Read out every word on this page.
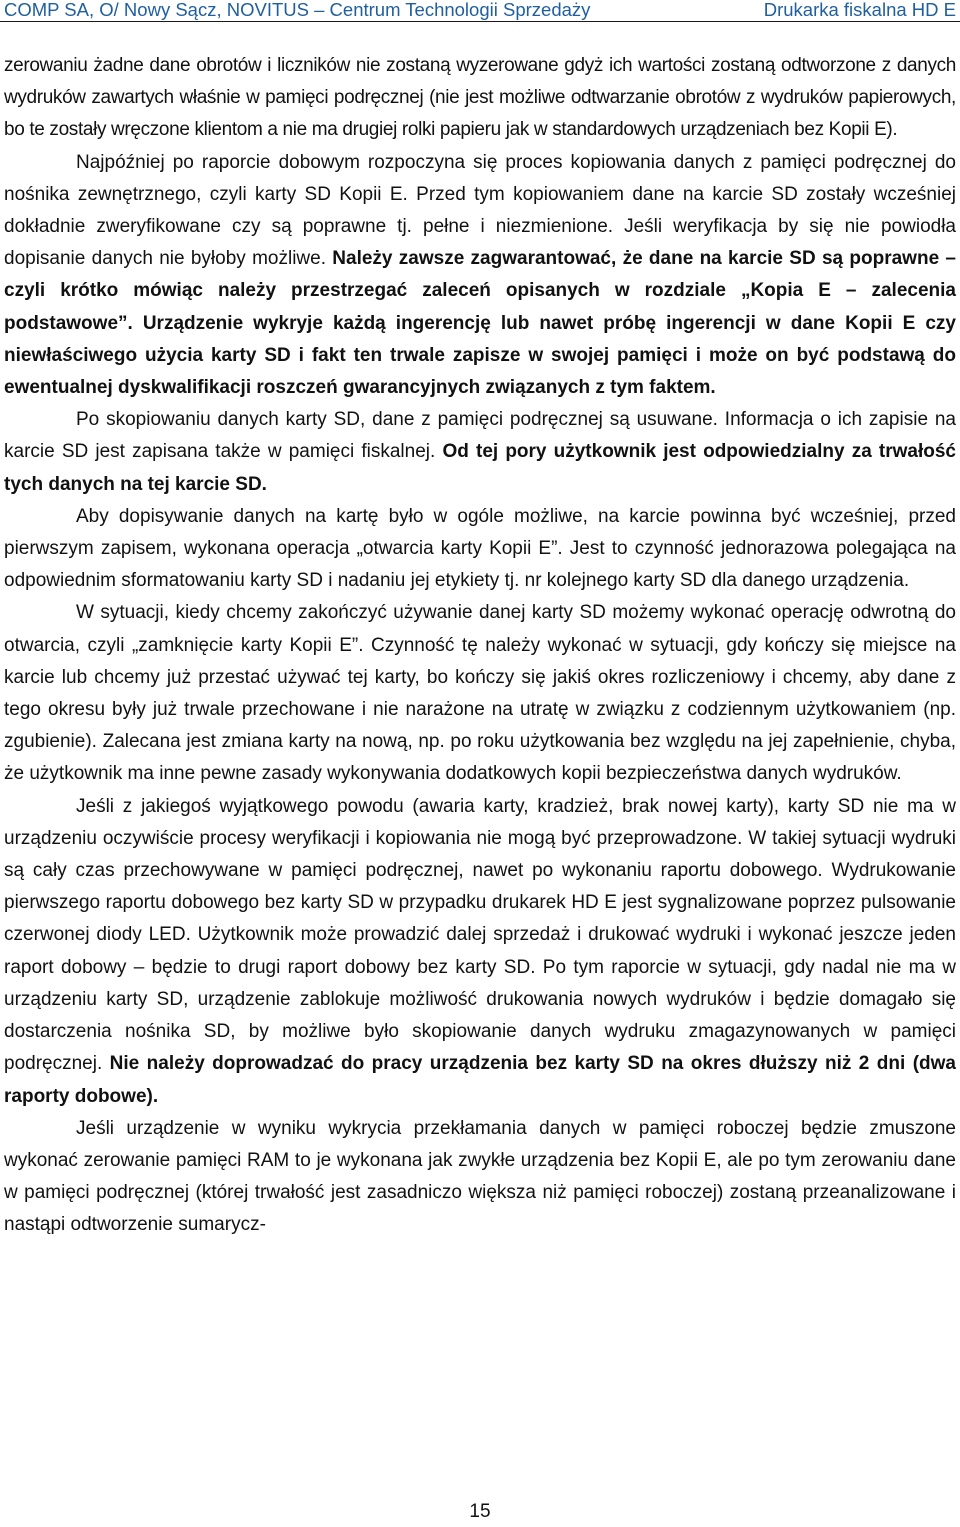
COMP SA, O/ Nowy Sącz, NOVITUS – Centrum Technologii Sprzedaży	Drukarka fiskalna HD E

zerowaniu żadne dane obrotów i liczników nie zostaną wyzerowane gdyż ich wartości zostaną odtworzone z danych wydruków zawartych właśnie w pamięci podręcznej (nie jest możliwe odtwarzanie obrotów z wydruków papierowych, bo te zostały wręczone klientom a nie ma drugiej rolki papieru jak w standardowych urządzeniach bez Kopii E).

Najpóźniej po raporcie dobowym rozpoczyna się proces kopiowania danych z pamięci podręcznej do nośnika zewnętrznego, czyli karty SD Kopii E. Przed tym kopiowaniem dane na karcie SD zostały wcześniej dokładnie zweryfikowane czy są poprawne tj. pełne i niezmienione. Jeśli weryfikacja by się nie powiodła dopisanie danych nie byłoby możliwe. Należy zawsze zagwarantować, że dane na karcie SD są poprawne – czyli krótko mówiąc należy przestrzegać zaleceń opisanych w rozdziale „Kopia E – zalecenia podstawowe”. Urządzenie wykryje każdą ingerencję lub nawet próbę ingerencji w dane Kopii E czy niewłaściwego użycia karty SD i fakt ten trwale zapisze w swojej pamięci i może on być podstawą do ewentualnej dyskwalifikacji roszczeń gwarancyjnych związanych z tym faktem.

Po skopiowaniu danych karty SD, dane z pamięci podręcznej są usuwane. Informacja o ich zapisie na karcie SD jest zapisana także w pamięci fiskalnej. Od tej pory użytkownik jest odpowiedzialny za trwałość tych danych na tej karcie SD.

Aby dopisywanie danych na kartę było w ogóle możliwe, na karcie powinna być wcześniej, przed pierwszym zapisem, wykonana operacja „otwarcia karty Kopii E”. Jest to czynność jednorazowa polegająca na odpowiednim sformatowaniu karty SD i nadaniu jej etykiety tj. nr kolejnego karty SD dla danego urządzenia.

W sytuacji, kiedy chcemy zakończyć używanie danej karty SD możemy wykonać operację odwrotną do otwarcia, czyli „zamknięcie karty Kopii E”. Czynność tę należy wykonać w sytuacji, gdy kończy się miejsce na karcie lub chcemy już przestać używać tej karty, bo kończy się jakiś okres rozliczeniowy i chcemy, aby dane z tego okresu były już trwale przechowane i nie narażone na utratę w związku z codziennym użytkowaniem (np. zgubienie). Zalecana jest zmiana karty na nową, np. po roku użytkowania bez względu na jej zapełnienie, chyba, że użytkownik ma inne pewne zasady wykonywania dodatkowych kopii bezpieczeństwa danych wydruków.

Jeśli z jakiegoś wyjątkowego powodu (awaria karty, kradzież, brak nowej karty), karty SD nie ma w urządzeniu oczywiście procesy weryfikacji i kopiowania nie mogą być przeprowadzone. W takiej sytuacji wydruki są cały czas przechowywane w pamięci podręcznej, nawet po wykonaniu raportu dobowego. Wydrukowanie pierwszego raportu dobowego bez karty SD w przypadku drukarek HD E jest sygnalizowane poprzez pulsowanie czerwonej diody LED. Użytkownik może prowadzić dalej sprzedaż i drukować wydruki i wykonać jeszcze jeden raport dobowy – będzie to drugi raport dobowy bez karty SD. Po tym raporcie w sytuacji, gdy nadal nie ma w urządzeniu karty SD, urządzenie zablokuje możliwość drukowania nowych wydruków i będzie domagało się dostarczenia nośnika SD, by możliwe było skopiowanie danych wydruku zmagazynowanych w pamięci podręcznej. Nie należy doprowadzać do pracy urządzenia bez karty SD na okres dłuższy niż 2 dni (dwa raporty dobowe).

Jeśli urządzenie w wyniku wykrycia przekłamania danych w pamięci roboczej będzie zmuszone wykonać zerowanie pamięci RAM to je wykonana jak zwykłe urządzenia bez Kopii E, ale po tym zerowaniu dane w pamięci podręcznej (której trwałość jest zasadniczo większa niż pamięci roboczej) zostaną przeanalizowane i nastąpi odtworzenie sumarycz-

15
